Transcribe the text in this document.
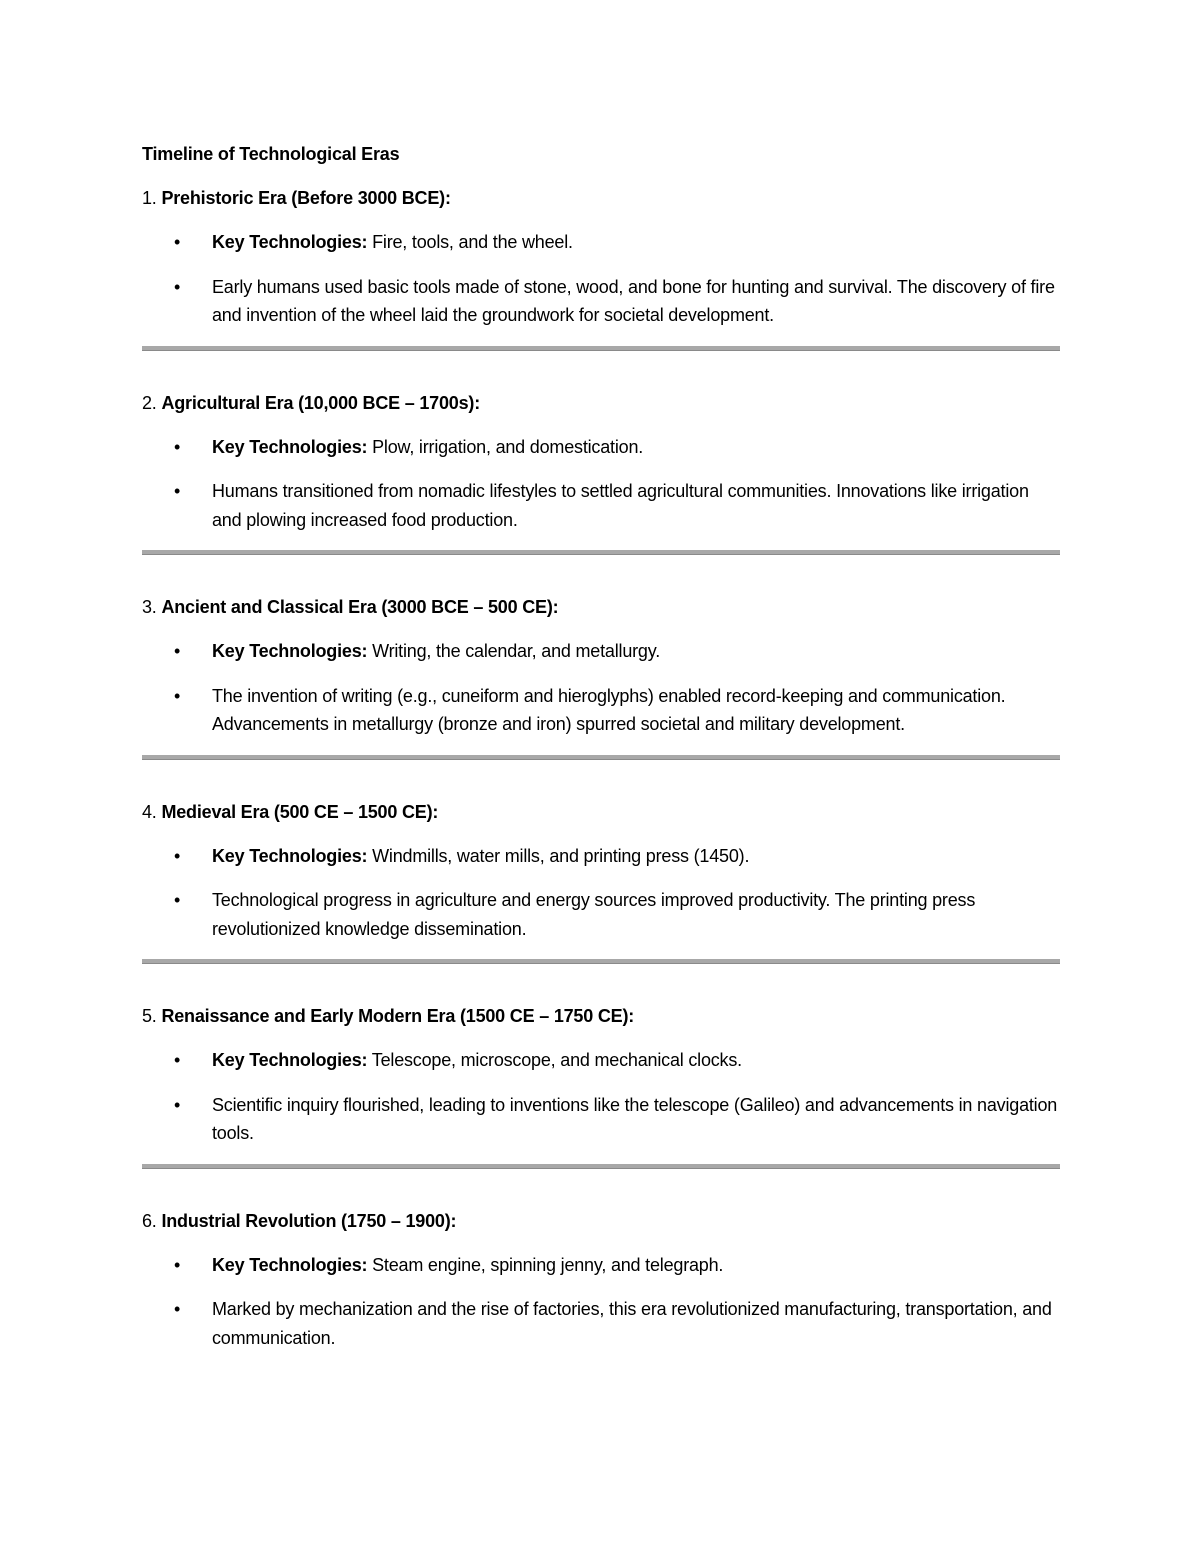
Timeline of Technological Eras
1. Prehistoric Era (Before 3000 BCE):
• Key Technologies: Fire, tools, and the wheel.
• Early humans used basic tools made of stone, wood, and bone for hunting and survival. The discovery of fire and invention of the wheel laid the groundwork for societal development.
2. Agricultural Era (10,000 BCE – 1700s):
• Key Technologies: Plow, irrigation, and domestication.
• Humans transitioned from nomadic lifestyles to settled agricultural communities. Innovations like irrigation and plowing increased food production.
3. Ancient and Classical Era (3000 BCE – 500 CE):
• Key Technologies: Writing, the calendar, and metallurgy.
• The invention of writing (e.g., cuneiform and hieroglyphs) enabled record-keeping and communication. Advancements in metallurgy (bronze and iron) spurred societal and military development.
4. Medieval Era (500 CE – 1500 CE):
• Key Technologies: Windmills, water mills, and printing press (1450).
• Technological progress in agriculture and energy sources improved productivity. The printing press revolutionized knowledge dissemination.
5. Renaissance and Early Modern Era (1500 CE – 1750 CE):
• Key Technologies: Telescope, microscope, and mechanical clocks.
• Scientific inquiry flourished, leading to inventions like the telescope (Galileo) and advancements in navigation tools.
6. Industrial Revolution (1750 – 1900):
• Key Technologies: Steam engine, spinning jenny, and telegraph.
• Marked by mechanization and the rise of factories, this era revolutionized manufacturing, transportation, and communication.
